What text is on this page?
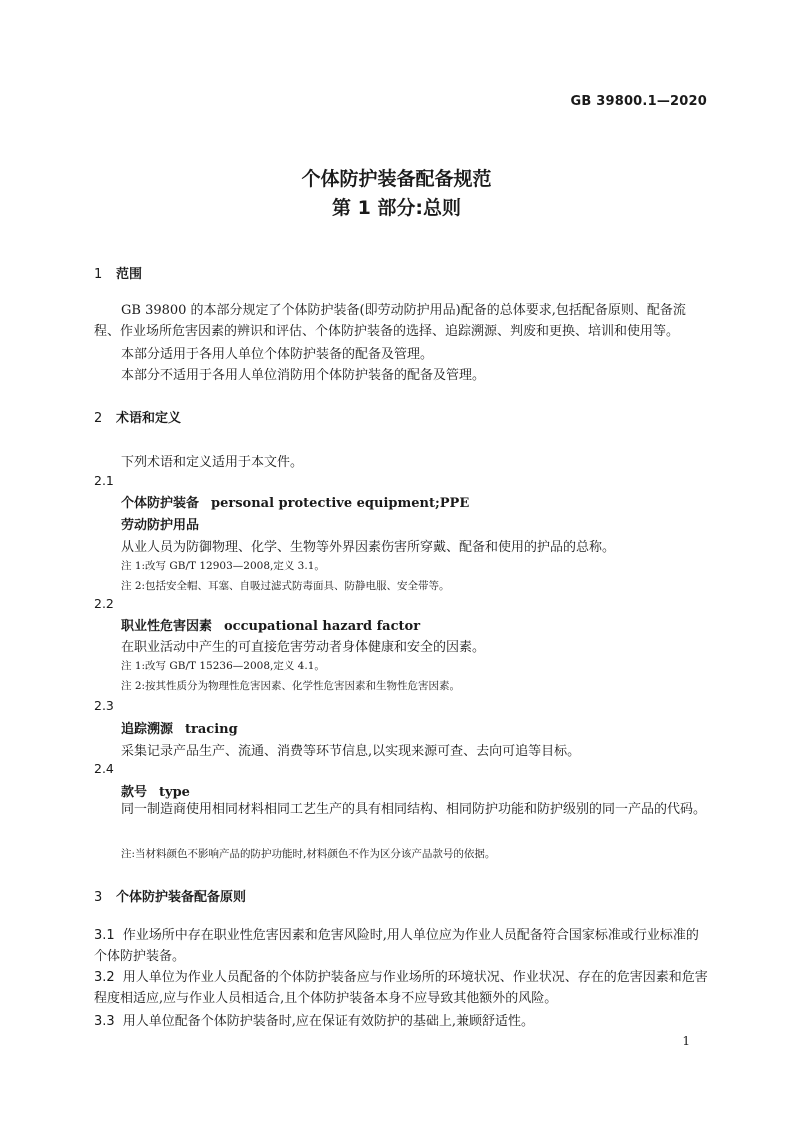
GB 39800.1—2020
个体防护装备配备规范
第 1 部分:总则
1 范围

GB 39800 的本部分规定了个体防护装备(即劳动防护用品)配备的总体要求,包括配备原则、配备流程、作业场所危害因素的辨识和评估、个体防护装备的选择、追踪溯源、判废和更换、培训和使用等。

本部分适用于各用人单位个体防护装备的配备及管理。

本部分不适用于各用人单位消防用个体防护装备的配备及管理。

2 术语和定义
下列术语和定义适用于本文件。
2.1
个体防护装备 personal protective equipment;PPE
劳动防护用品
从业人员为防御物理、化学、生物等外界因素伤害所穿戴、配备和使用的护品的总称。
注 1:改写 GB/T 12903—2008,定义 3.1。
注 2:包括安全帽、耳塞、自吸过滤式防毒面具、防静电服、安全带等。
2.2
职业性危害因素 occupational hazard factor
在职业活动中产生的可直接危害劳动者身体健康和安全的因素。
注 1:改写 GB/T 15236—2008,定义 4.1。
注 2:按其性质分为物理性危害因素、化学性危害因素和生物性危害因素。
2.3
追踪溯源 tracing
采集记录产品生产、流通、消费等环节信息,以实现来源可查、去向可追等目标。
2.4
款号 type

同一制造商使用相同材料相同工艺生产的具有相同结构、相同防护功能和防护级别的同一产品的代码。

注:当材料颜色不影响产品的防护功能时,材料颜色不作为区分该产品款号的依据。
3 个体防护装备配备原则

3.1 作业场所中存在职业性危害因素和危害风险时,用人单位应为作业人员配备符合国家标准或行业标准的个体防护装备。

3.2 用人单位为作业人员配备的个体防护装备应与作业场所的环境状况、作业状况、存在的危害因素和危害程度相适应,应与作业人员相适合,且个体防护装备本身不应导致其他额外的风险。

3.3 用人单位配备个体防护装备时,应在保证有效防护的基础上,兼顾舒适性。

1
